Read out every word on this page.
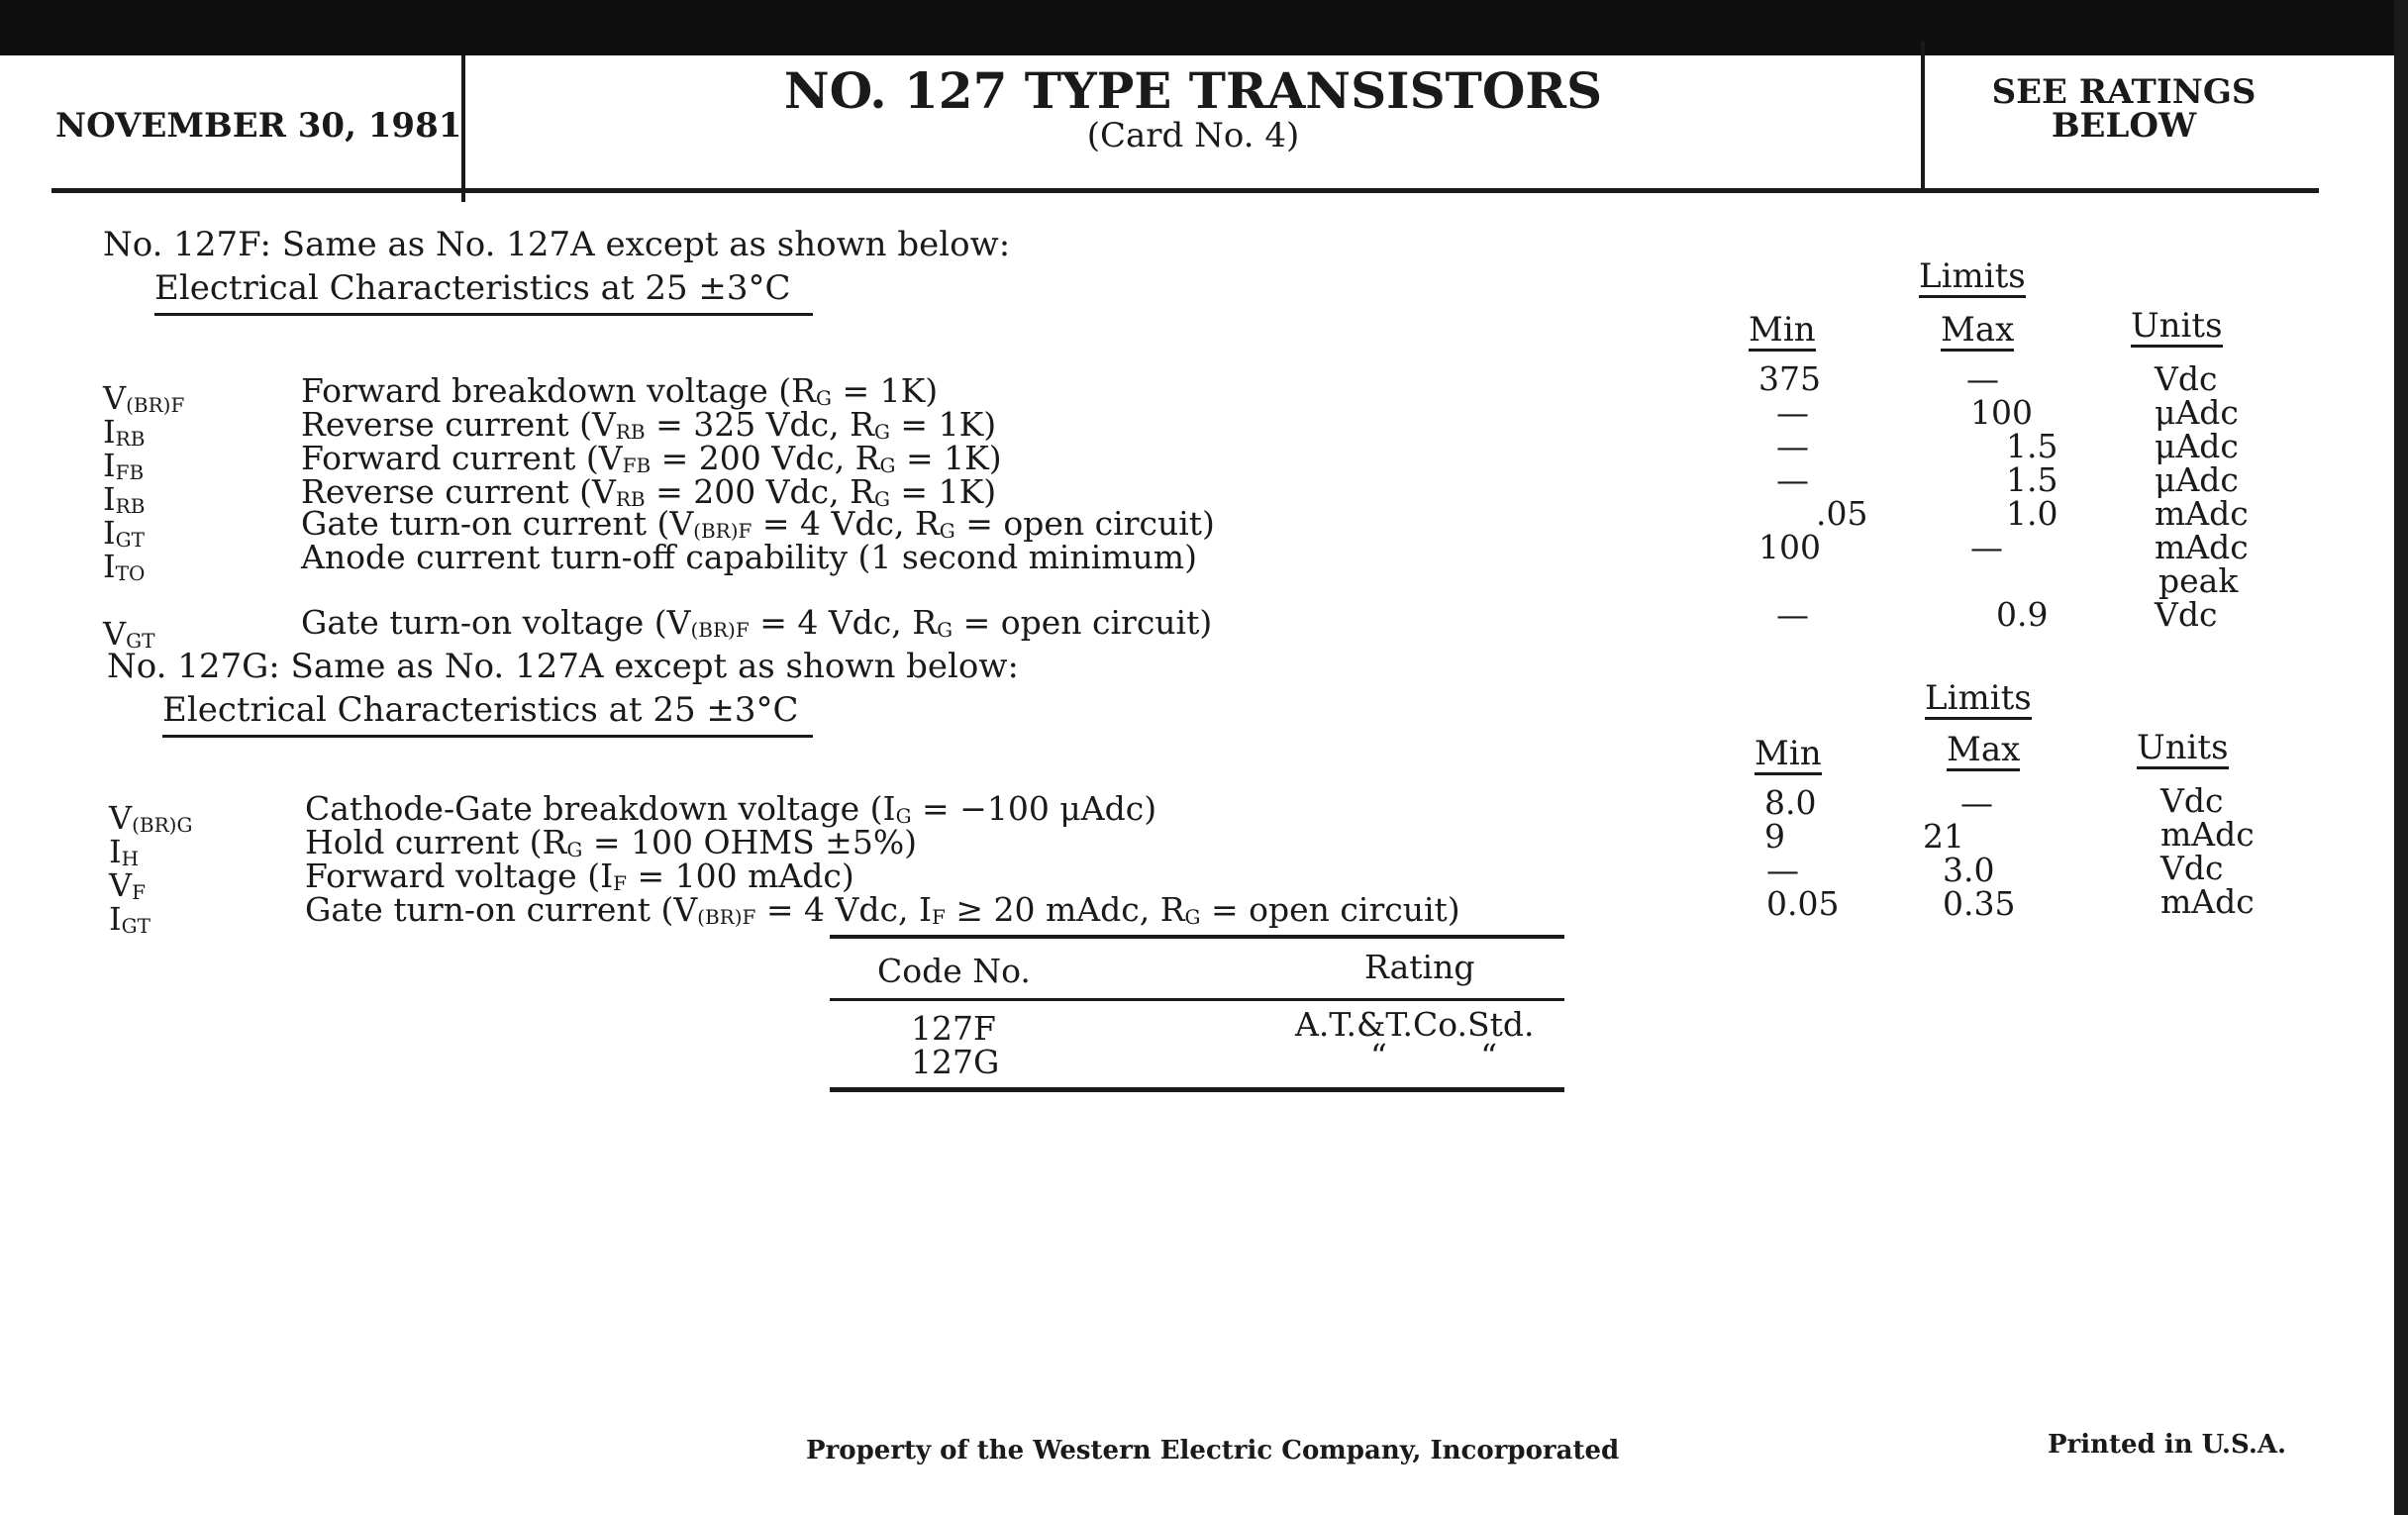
NOVEMBER 30, 1981
NO. 127 TYPE TRANSISTORS
(Card No. 4)
SEE RATINGS
BELOW
No. 127F: Same as No. 127A except as shown below:
Electrical Characteristics at 25 ±3°C	Limits
Min	Max	Units
$V_{(BR)F}$	Forward breakdown voltage $(R_G = 1K)$	375	—	Vdc
$I_{RB}$	Reverse current ($V_{RB} = 325$ Vdc, $R_G = 1K$)	—	100	μAdc
$I_{FB}$	Forward current ($V_{FB} = 200$ Vdc, $R_G = 1K$)	—	1.5	μAdc
$I_{RB}$	Reverse current ($V_{RB} = 200$ Vdc, $R_G = 1K$)	—	1.5	μAdc
$I_{GT}$	Gate turn-on current ($V_{(BR)F} = 4$ Vdc, $R_G$ = open circuit)	.05	1.0	mAdc
$I_{TO}$	Anode current turn-off capability (1 second minimum)	100	—	mAdc
peak
$V_{GT}$	Gate turn-on voltage ($V_{(BR)F} = 4$ Vdc, $R_G$ = open circuit)	—	0.9	Vdc
No. 127G: Same as No. 127A except as shown below:
Electrical Characteristics at 25 ±3°C	Limits
Min	Max	Units
$V_{(BR)G}$	Cathode-Gate breakdown voltage ($I_G = -100$ μAdc)	8.0	—	Vdc
$I_H$	Hold current ($R_G = 100$ OHMS ±5%)	9	21	mAdc
$V_F$	Forward voltage ($I_F = 100$ mAdc)	—	3.0	Vdc
$I_{GT}$	Gate turn-on current ($V_{(BR)F} = 4$ Vdc, $I_F \ge 20$ mAdc, $R_G$ = open circuit)	0.05	0.35	mAdc
Code No.	Rating
127F	A.T.&T.Co.Std.
127G	“         “
Property of the Western Electric Company, Incorporated	Printed in U.S.A.
